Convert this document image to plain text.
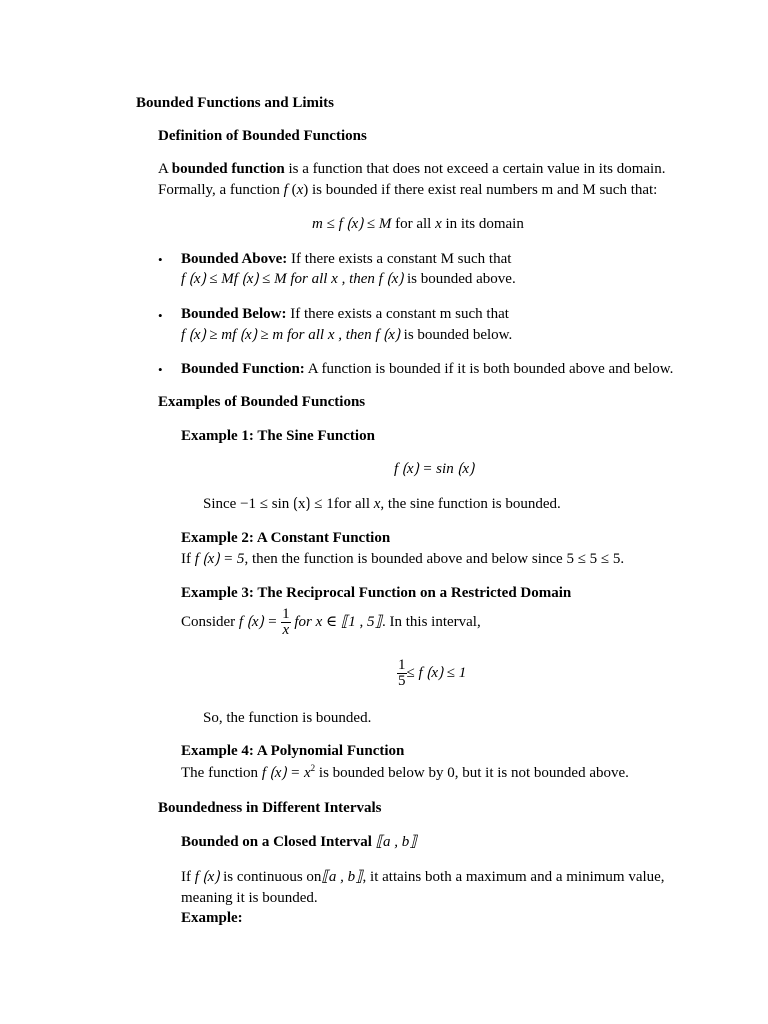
Bounded Functions and Limits
Definition of Bounded Functions
A bounded function is a function that does not exceed a certain value in its domain.
Formally, a function f (x) is bounded if there exist real numbers m and M such that:
m ≤ f ⟮x⟯ ≤ M for all x in its domain
• Bounded Above: If there exists a constant M such that
f ⟮x⟯ ≤ Mf ⟮x⟯ ≤ M for all x , then f ⟮x⟯ is bounded above.
• Bounded Below: If there exists a constant m such that
f ⟮x⟯ ≥ mf ⟮x⟯ ≥ m for all x , then f ⟮x⟯ is bounded below.
• Bounded Function: A function is bounded if it is both bounded above and below.
Examples of Bounded Functions
Example 1: The Sine Function
f ⟮x⟯ = sin ⟮x⟯
Since −1 ≤ sin ⟮x⟯ ≤ 1for all x, the sine function is bounded.
Example 2: A Constant Function
If f ⟮x⟯ = 5, then the function is bounded above and below since 5 ≤ 5 ≤ 5.
Example 3: The Reciprocal Function on a Restricted Domain
Consider f ⟮x⟯ = $\frac{1}{x}$ for x ∈ ⟦1 , 5⟧. In this interval,
$\frac{1}{5} \le f$ ⟮x⟯ ≤ 1
So, the function is bounded.
Example 4: A Polynomial Function
The function f ⟮x⟯ = $x^2$ is bounded below by 0, but it is not bounded above.
Boundedness in Different Intervals
Bounded on a Closed Interval ⟦a , b⟧
If f ⟮x⟯ is continuous on⟦a , b⟧, it attains both a maximum and a minimum value,
meaning it is bounded.
Example:
